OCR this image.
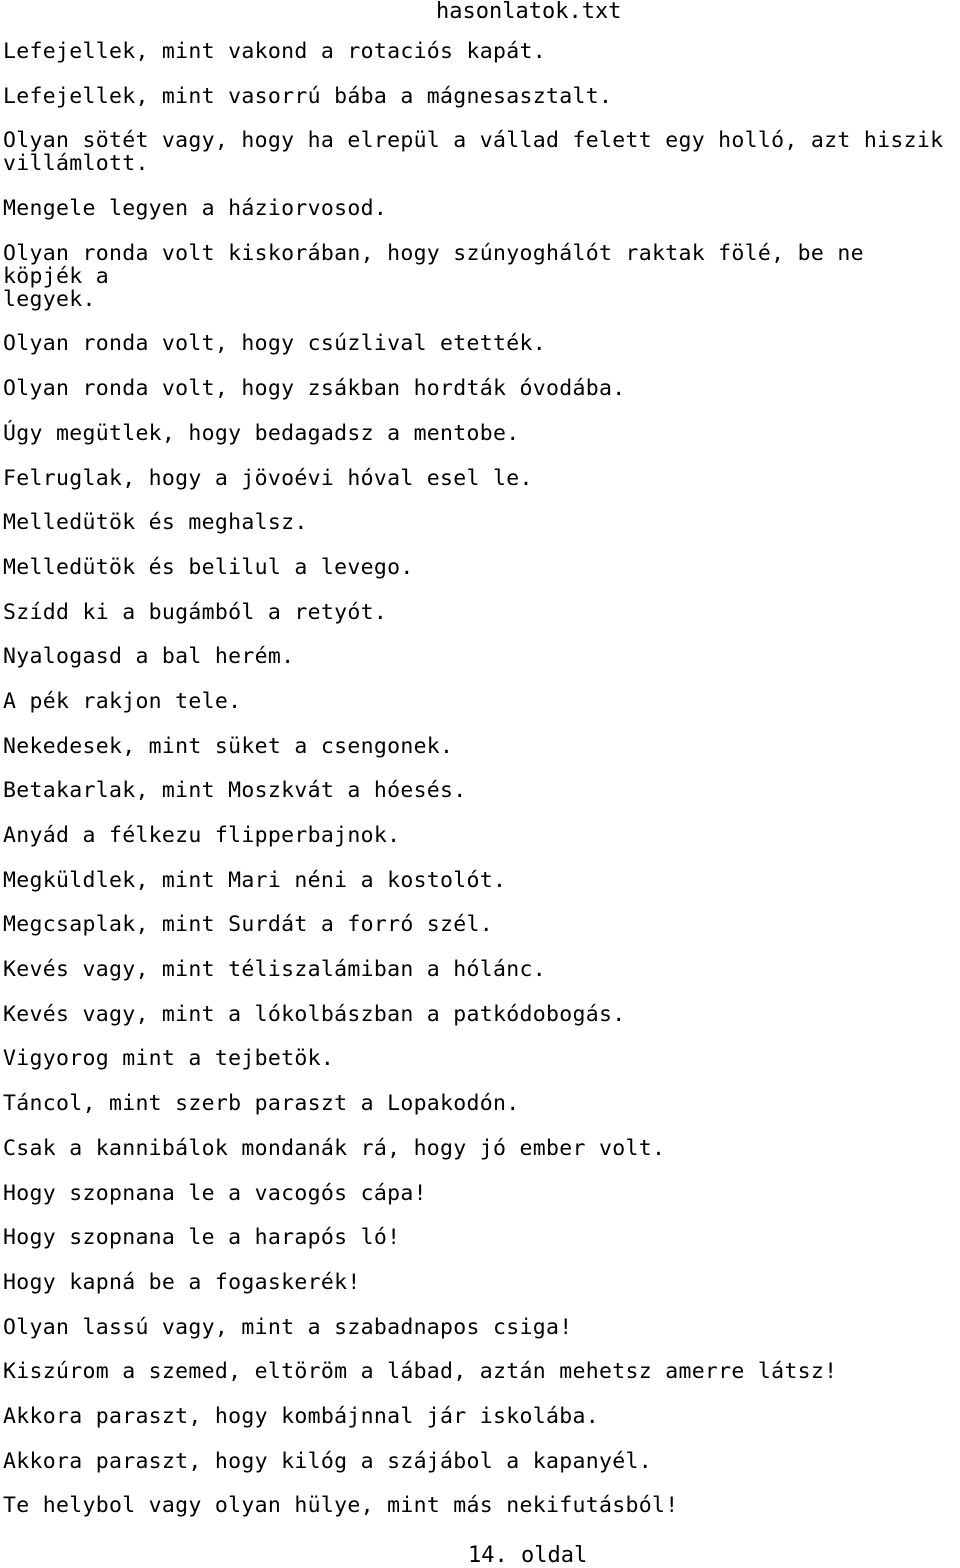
hasonlatok.txt
Lefejellek, mint vakond a rotaciós kapát.
Lefejellek, mint vasorrú bába a mágnesasztalt.
Olyan sötét vagy, hogy ha elrepül a vállad felett egy holló, azt hiszik
villámlott.
Mengele legyen a háziorvosod.
Olyan ronda volt kiskorában, hogy szúnyoghálót raktak fölé, be ne
köpjék a
legyek.
Olyan ronda volt, hogy csúzlival etették.
Olyan ronda volt, hogy zsákban hordták óvodába.
Úgy megütlek, hogy bedagadsz a mentobe.
Felruglak, hogy a jövoévi hóval esel le.
Melledütök és meghalsz.
Melledütök és belilul a levego.
Szídd ki a bugámból a retyót.
Nyalogasd a bal herém.
A pék rakjon tele.
Nekedesek, mint süket a csengonek.
Betakarlak, mint Moszkvát a hóesés.
Anyád a félkezu flipperbajnok.
Megküldlek, mint Mari néni a kostolót.
Megcsaplak, mint Surdát a forró szél.
Kevés vagy, mint téliszalámiban a hólánc.
Kevés vagy, mint a lókolbászban a patkódobogás.
Vigyorog mint a tejbetök.
Táncol, mint szerb paraszt a Lopakodón.
Csak a kannibálok mondanák rá, hogy jó ember volt.
Hogy szopnana le a vacogós cápa!
Hogy szopnana le a harapós ló!
Hogy kapná be a fogaskerék!
Olyan lassú vagy, mint a szabadnapos csiga!
Kiszúrom a szemed, eltöröm a lábad, aztán mehetsz amerre látsz!
Akkora paraszt, hogy kombájnnal jár iskolába.
Akkora paraszt, hogy kilóg a szájábol a kapanyél.
Te helybol vagy olyan hülye, mint más nekifutásból!
14. oldal
